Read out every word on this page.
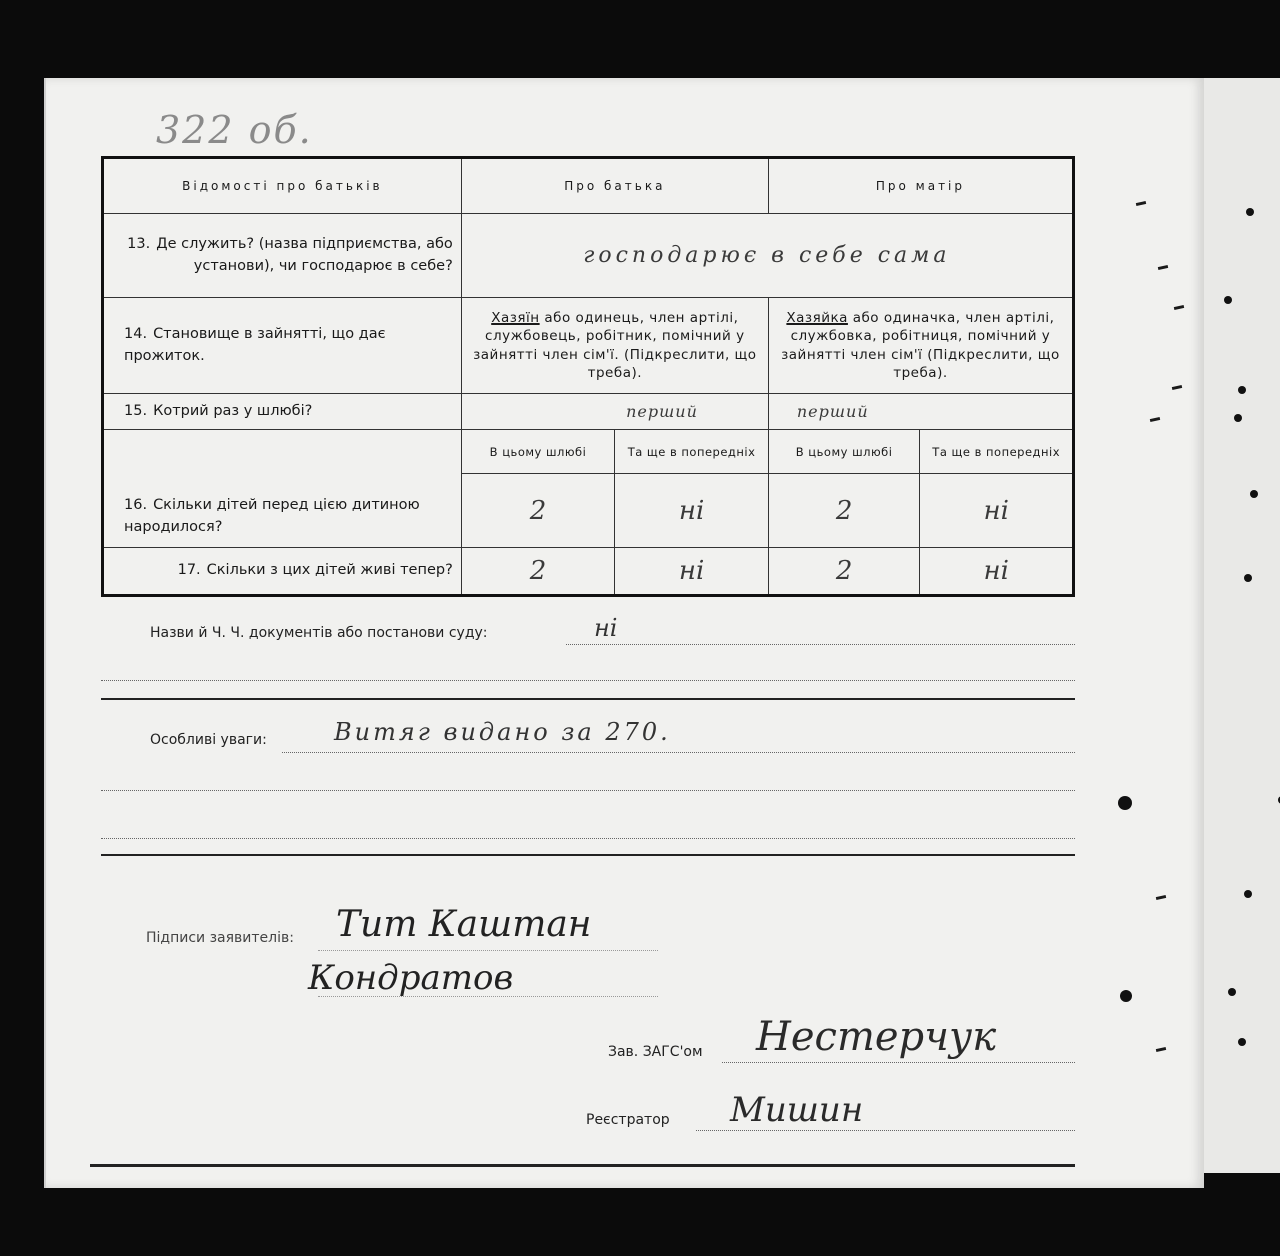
322 об.
Відомості про батьків	Про батька		Про матір	
13. Де служить? (назва підприємства, або установи), чи господарює в себе?	господарює в себе сама			
14. Становище в зайнятті, що дає прожиток.	Хазяїн або одинець, член артілі, службовець, робітник, помічний у зайнятті член сім'ї. (Підкреслити, що треба).		Хазяйка або одиначка, член артілі, службовка, робітниця, помічний у зайнятті член сім'ї (Підкреслити, що треба).	
15. Котрий раз у шлюбі?	перший		перший	
16. Скільки дітей перед цією дитиною народилося?	В цьому шлюбі	Та ще в попередніх	В цьому шлюбі	Та ще в попередніх
	2	ні	2	ні
17. Скільки з цих дітей живі тепер?	2	ні	2	ні
Назви й Ч. Ч. документів або постанови суду:	ні
Особливі уваги:	Витяг видано за 270.
Підписи заявителів: Тит Каштан
Кондратов
Зав. ЗАГС'ом Нестерчук
Реєстратор Мишин
